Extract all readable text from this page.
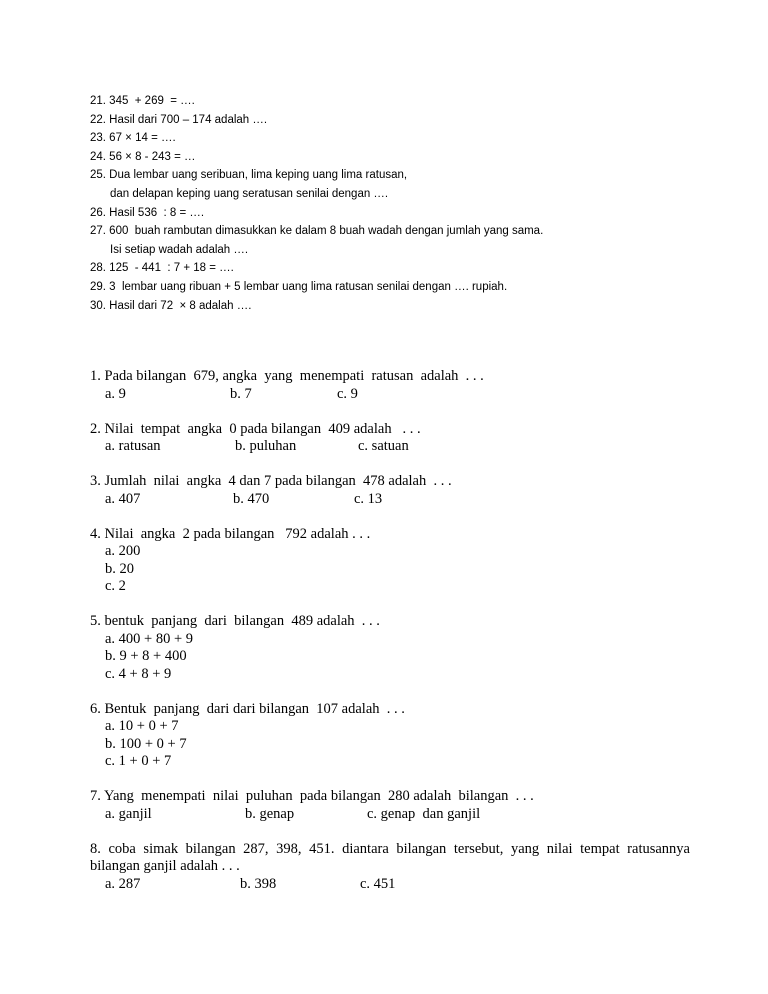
21. 345  + 269  = ….
22. Hasil dari 700 – 174 adalah ….
23. 67 × 14 = ….
24. 56 × 8 - 243 = …
25. Dua lembar uang seribuan, lima keping uang lima ratusan,
dan delapan keping uang seratusan senilai dengan ….
26. Hasil 536  : 8 = ….
27. 600  buah rambutan dimasukkan ke dalam 8 buah wadah dengan jumlah yang sama.
Isi setiap wadah adalah ….
28. 125  - 441  : 7 + 18 = ….
29. 3  lembar uang ribuan + 5 lembar uang lima ratusan senilai dengan …. rupiah.
30. Hasil dari 72  × 8 adalah ….
1. Pada bilangan  679, angka  yang  menempati  ratusan  adalah  . . .
a. 9	b. 7	c. 9
2. Nilai  tempat  angka  0 pada bilangan  409 adalah   . . .
a. ratusan	b. puluhan	c. satuan
3. Jumlah  nilai  angka  4 dan 7 pada bilangan  478 adalah  . . .
a. 407	b. 470	c. 13
4. Nilai  angka  2 pada bilangan   792 adalah . . .
a. 200
b. 20
c. 2
5. bentuk  panjang  dari  bilangan  489 adalah  . . .
a. 400 + 80 + 9
b. 9 + 8 + 400
c. 4 + 8 + 9
6. Bentuk  panjang  dari dari bilangan  107 adalah  . . .
a. 10 + 0 + 7
b. 100 + 0 + 7
c. 1 + 0 + 7
7. Yang  menempati  nilai  puluhan  pada bilangan  280 adalah  bilangan  . . .
a. ganjil	b. genap	c. genap  dan ganjil
8. coba simak bilangan 287, 398, 451. diantara bilangan tersebut, yang nilai tempat ratusannya bilangan ganjil adalah . . .
a. 287	b. 398	c. 451
